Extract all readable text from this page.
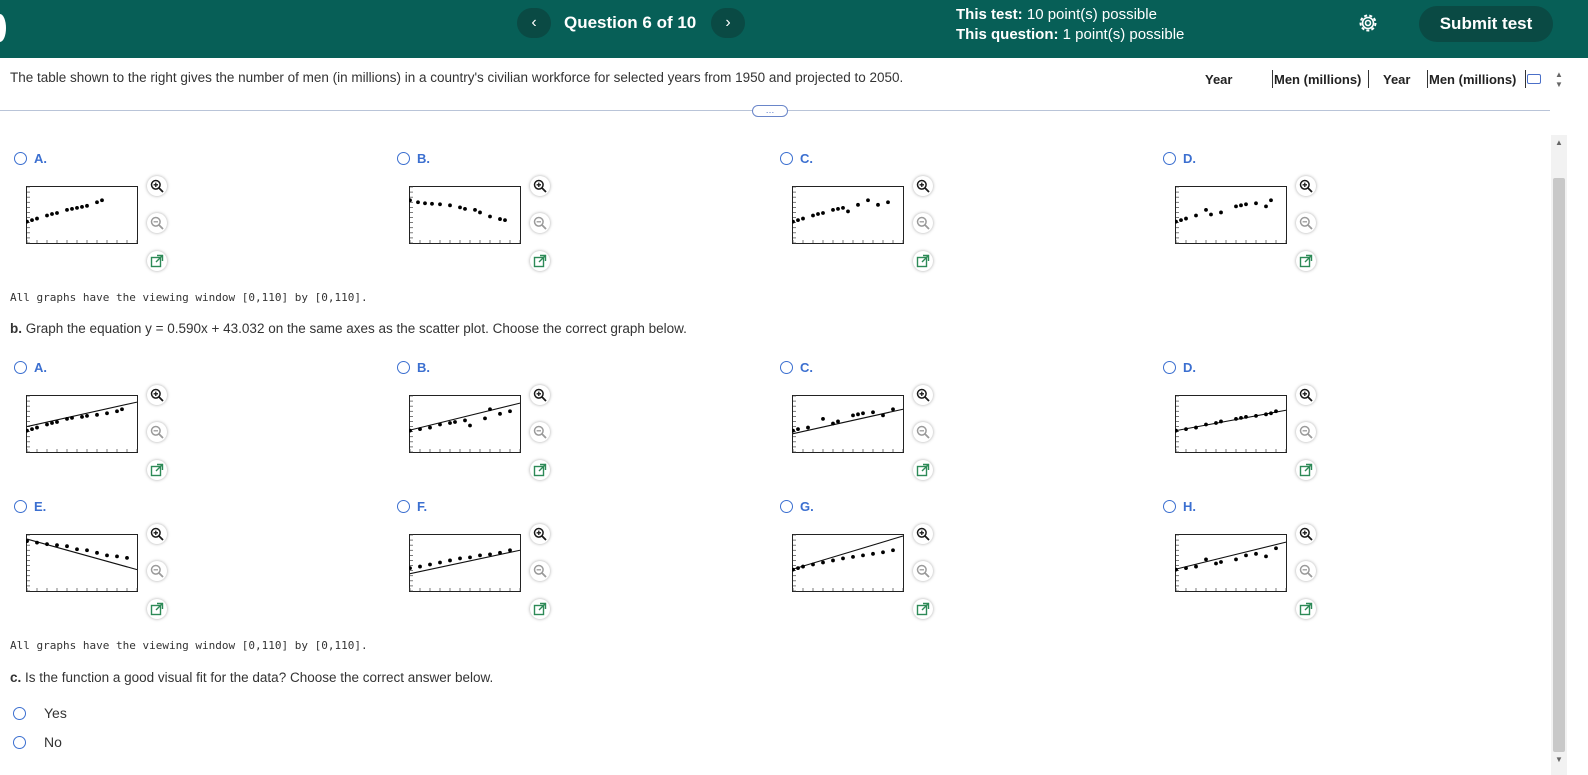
‹	Question 6 of 10	›	This test: 10 point(s) possible
This question: 1 point(s) possible
Submit test
The table shown to the right gives the number of men (in millions) in a country's civilian workforce for selected years from 1950 and projected to 2050.	Year	Men (millions) Year Men (millions)	▲
▼
…
▲
▼
A.	B.	C.	D.
All graphs have the viewing window [0,110] by [0,110].
b. Graph the equation y = 0.590x + 43.032 on the same axes as the scatter plot. Choose the correct graph below.
A.	B.	C.	D.
E.	F.	G.	H.
All graphs have the viewing window [0,110] by [0,110].
c. Is the function a good visual fit for the data? Choose the correct answer below.
Yes
No
